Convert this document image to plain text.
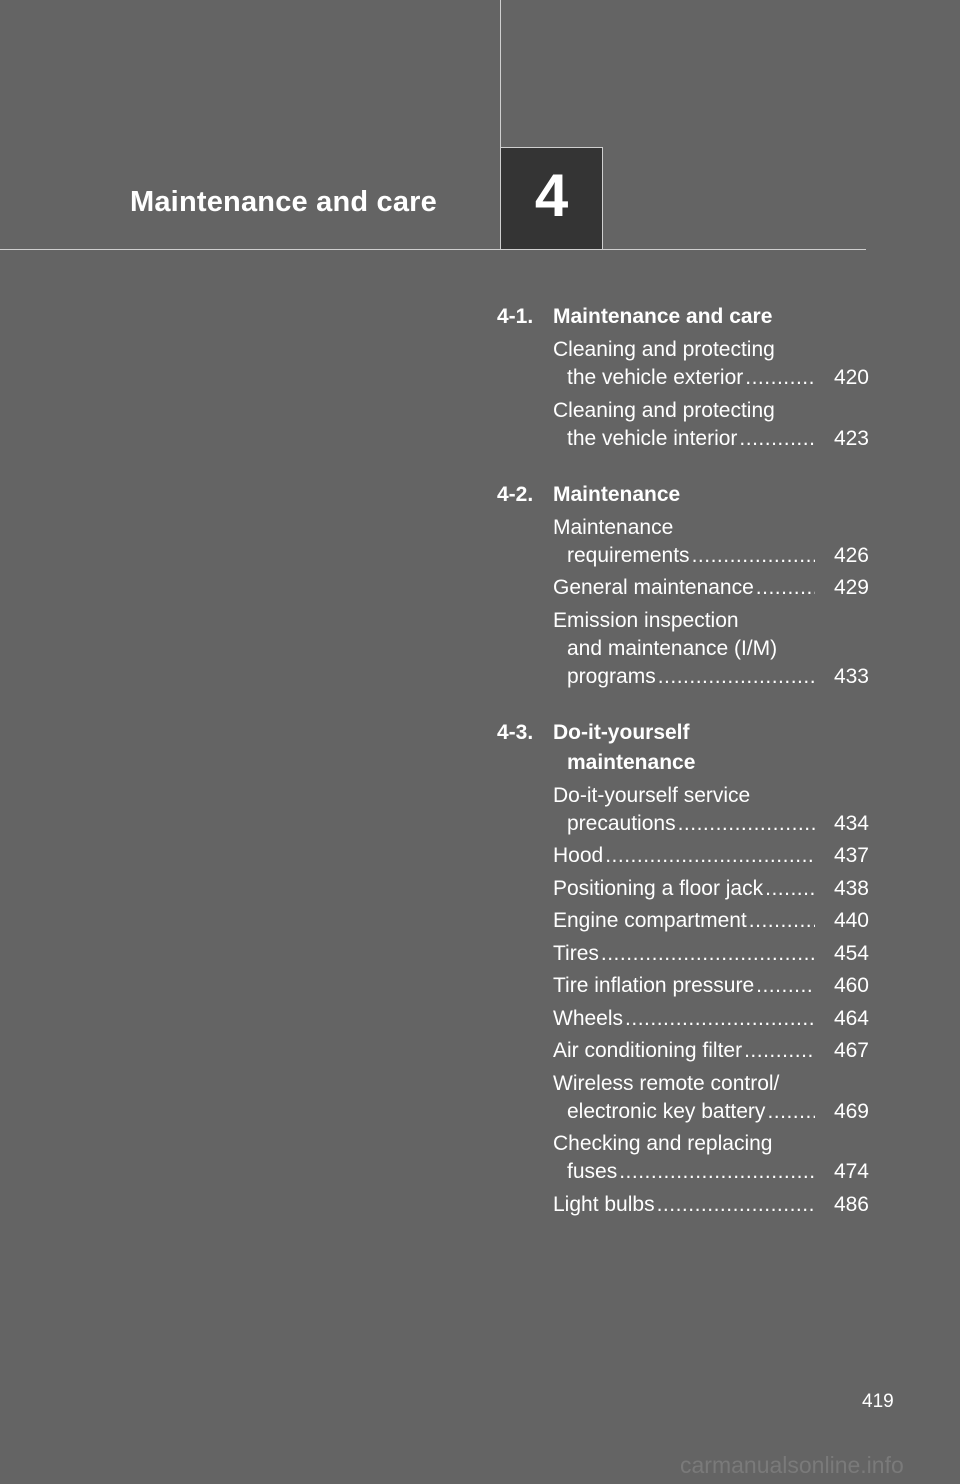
Maintenance and care 4
4-1. Maintenance and care
Cleaning and protecting
the vehicle exterior .....	420
Cleaning and protecting
the vehicle interior .....	423
4-2. Maintenance
Maintenance
requirements .....	426
General maintenance .....	429
Emission inspection
and maintenance (I/M)
programs .....	433
4-3. Do-it-yourself
maintenance
Do-it-yourself service
precautions .....	434
Hood .....	437
Positioning a floor jack .....	438
Engine compartment .....	440
Tires .....	454
Tire inflation pressure .....	460
Wheels .....	464
Air conditioning filter .....	467
Wireless remote control/
electronic key battery .....	469
Checking and replacing
fuses .....	474
Light bulbs .....	486
419
carmanualsonline.info
